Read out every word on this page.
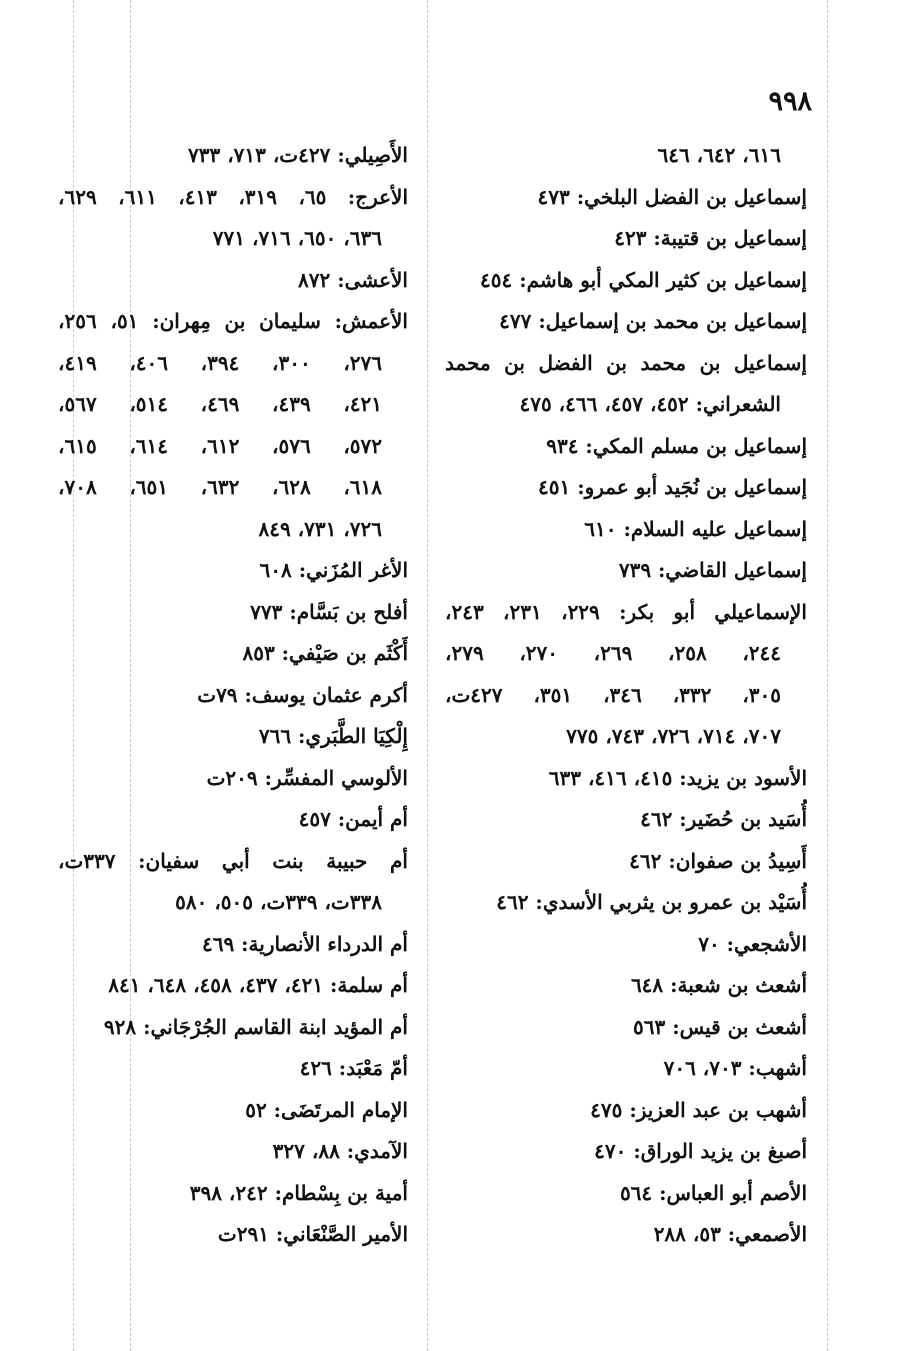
٩٩٨

٦١٦، ٦٤٢، ٦٤٦

إسماعيل بن الفضل البلخي: ٤٧٣

إسماعيل بن قتيبة: ٤٢٣

إسماعيل بن كثير المكي أبو هاشم: ٤٥٤

إسماعيل بن محمد بن إسماعيل: ٤٧٧

إسماعيل بن محمد بن الفضل بن محمد

الشعراني: ٤٥٢، ٤٥٧، ٤٦٦، ٤٧٥

إسماعيل بن مسلم المكي: ٩٣٤

إسماعيل بن نُجَيد أبو عمرو: ٤٥١

إسماعيل عليه السلام: ٦١٠

إسماعيل القاضي: ٧٣٩

الإسماعيلي أبو بكر: ٢٢٩، ٢٣١، ٢٤٣،

٢٤٤، ٢٥٨، ٢٦٩، ٢٧٠، ٢٧٩،

٣٠٥، ٣٣٢، ٣٤٦، ٣٥١، ٤٢٧ت،

٧٠٧، ٧١٤، ٧٢٦، ٧٤٣، ٧٧٥

الأسود بن يزيد: ٤١٥، ٤١٦، ٦٣٣

أُسَيد بن حُضَير: ٤٦٢

أَسِيدُ بن صفوان: ٤٦٢

أُسَيْد بن عمرو بن يثربي الأسدي: ٤٦٢

الأشجعي: ٧٠

أشعث بن شعبة: ٦٤٨

أشعث بن قيس: ٥٦٣

أشهب: ٧٠٣، ٧٠٦

أشهب بن عبد العزيز: ٤٧٥

أصبغ بن يزيد الوراق: ٤٧٠

الأصم أبو العباس: ٥٦٤

الأصمعي: ٥٣، ٢٨٨

الأَصِيلي: ٤٢٧ت، ٧١٣، ٧٣٣

الأعرج: ٦٥، ٣١٩، ٤١٣، ٦١١، ٦٢٩،

٦٣٦، ٦٥٠، ٧١٦، ٧٧١

الأعشى: ٨٧٢

الأعمش: سليمان بن مِهران: ٥١، ٢٥٦،

٢٧٦، ٣٠٠، ٣٩٤، ٤٠٦، ٤١٩،

٤٢١، ٤٣٩، ٤٦٩، ٥١٤، ٥٦٧،

٥٧٢، ٥٧٦، ٦١٢، ٦١٤، ٦١٥،

٦١٨، ٦٢٨، ٦٣٢، ٦٥١، ٧٠٨،

٧٢٦، ٧٣١، ٨٤٩

الأغر المُزَني: ٦٠٨

أفلح بن بَسَّام: ٧٧٣

أَكْثَم بن صَيْفي: ٨٥٣

أكرم عثمان يوسف: ٧٩ت

إِلْكِيَا الطَّبَري: ٧٦٦

الألوسي المفسِّر: ٢٠٩ت

أم أيمن: ٤٥٧

أم حبيبة بنت أبي سفيان: ٣٣٧ت،

٣٣٨ت، ٣٣٩ت، ٥٠٥، ٥٨٠

أم الدرداء الأنصارية: ٤٦٩

أم سلمة: ٤٢١، ٤٣٧، ٤٥٨، ٦٤٨، ٨٤١

أم المؤيد ابنة القاسم الجُرْجَاني: ٩٢٨

أمّ مَعْبَد: ٤٢٦

الإمام المرتَضَى: ٥٢

الآمدي: ٨٨، ٣٢٧

أمية بن بِسْطام: ٢٤٢، ٣٩٨

الأمير الصَّنْعَاني: ٢٩١ت
